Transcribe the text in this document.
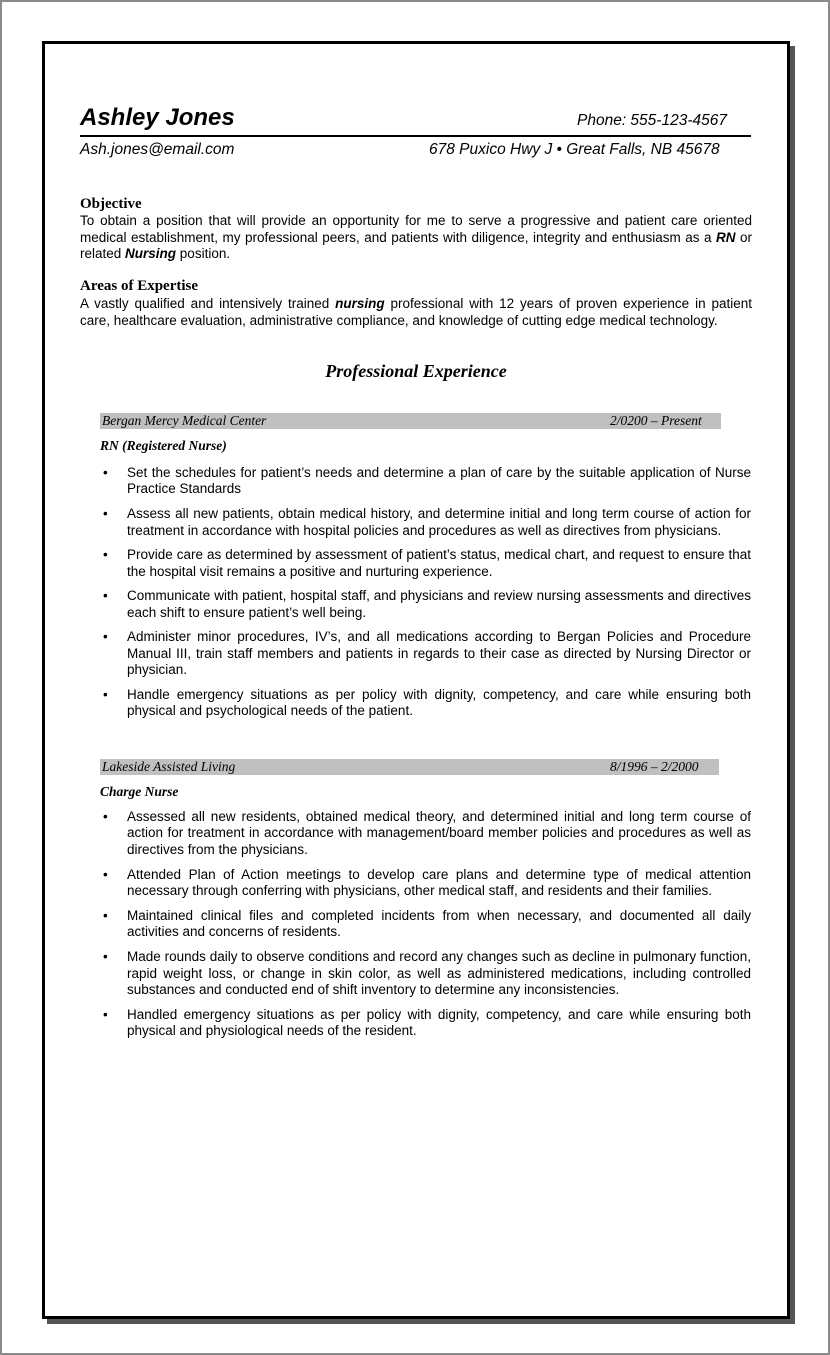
Ashley Jones	Phone: 555-123-4567
Ash.jones@email.com	678 Puxico Hwy J • Great Falls, NB 45678
Objective
To obtain a position that will provide an opportunity for me to serve a progressive and patient care oriented medical establishment, my professional peers, and patients with diligence, integrity and enthusiasm as a RN or related Nursing position.
Areas of Expertise
A vastly qualified and intensively trained nursing professional with 12 years of proven experience in patient care, healthcare evaluation, administrative compliance, and knowledge of cutting edge medical technology.
Professional Experience
Bergan Mercy Medical Center	2/0200 – Present
RN (Registered Nurse)
• Set the schedules for patient’s needs and determine a plan of care by the suitable application of Nurse Practice Standards
• Assess all new patients, obtain medical history, and determine initial and long term course of action for treatment in accordance with hospital policies and procedures as well as directives from physicians.
• Provide care as determined by assessment of patient’s status, medical chart, and request to ensure that the hospital visit remains a positive and nurturing experience.
• Communicate with patient, hospital staff, and physicians and review nursing assessments and directives each shift to ensure patient’s well being.
• Administer minor procedures, IV’s, and all medications according to Bergan Policies and Procedure Manual III, train staff members and patients in regards to their case as directed by Nursing Director or physician.
• Handle emergency situations as per policy with dignity, competency, and care while ensuring both physical and psychological needs of the patient.
Lakeside Assisted Living	8/1996 – 2/2000
Charge Nurse
• Assessed all new residents, obtained medical theory, and determined initial and long term course of action for treatment in accordance with management/board member policies and procedures as well as directives from the physicians.
• Attended Plan of Action meetings to develop care plans and determine type of medical attention necessary through conferring with physicians, other medical staff, and residents and their families.
• Maintained clinical files and completed incidents from when necessary, and documented all daily activities and concerns of residents.
• Made rounds daily to observe conditions and record any changes such as decline in pulmonary function, rapid weight loss, or change in skin color, as well as administered medications, including controlled substances and conducted end of shift inventory to determine any inconsistencies.
• Handled emergency situations as per policy with dignity, competency, and care while ensuring both physical and physiological needs of the resident.
